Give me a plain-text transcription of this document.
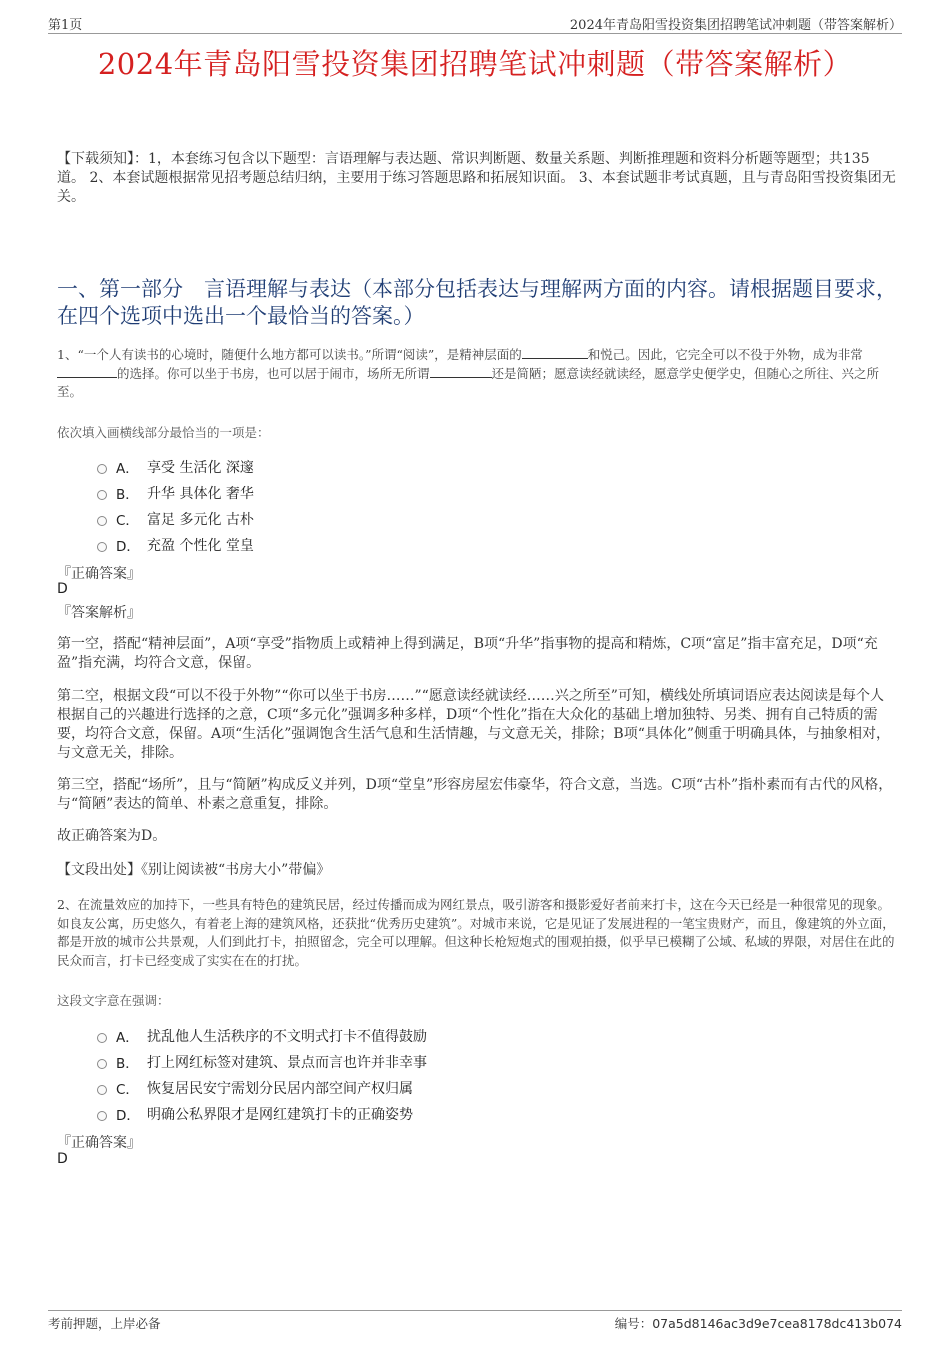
第1页	2024年青岛阳雪投资集团招聘笔试冲刺题（带答案解析）
2024年青岛阳雪投资集团招聘笔试冲刺题（带答案解析）
【下载须知】：1，本套练习包含以下题型：言语理解与表达题、常识判断题、数量关系题、判断推理题和资料分析题等题型；共135道。 2、本套试题根据常见招考题总结归纳，主要用于练习答题思路和拓展知识面。 3、本套试题非考试真题，且与青岛阳雪投资集团无关。
一、第一部分　言语理解与表达（本部分包括表达与理解两方面的内容。请根据题目要求，在四个选项中选出一个最恰当的答案。）
1、“一个人有读书的心境时，随便什么地方都可以读书。”所谓“阅读”，是精神层面的	和悦己。因此，它完全可以不役于外物，成为非常的选择。你可以坐于书房，也可以居于闹市，场所无所谓	还是简陋；愿意读经就读经，愿意学史便学史，但随心之所往、兴之所至。
依次填入画横线部分最恰当的一项是：
A． 享受 生活化 深邃
B． 升华 具体化 奢华
C． 富足 多元化 古朴
D． 充盈 个性化 堂皇
『正确答案』
D
『答案解析』
第一空，搭配“精神层面”，A项“享受”指物质上或精神上得到满足，B项“升华”指事物的提高和精炼，C项“富足”指丰富充足，D项“充盈”指充满，均符合文意，保留。
第二空，根据文段“可以不役于外物”“你可以坐于书房……”“愿意读经就读经……兴之所至”可知，横线处所填词语应表达阅读是每个人根据自己的兴趣进行选择的之意，C项“多元化”强调多种多样，D项“个性化”指在大众化的基础上增加独特、另类、拥有自己特质的需要，均符合文意，保留。A项“生活化”强调饱含生活气息和生活情趣，与文意无关，排除；B项“具体化”侧重于明确具体，与抽象相对，与文意无关，排除。
第三空，搭配“场所”，且与“简陋”构成反义并列，D项“堂皇”形容房屋宏伟豪华，符合文意，当选。C项“古朴”指朴素而有古代的风格，与“简陋”表达的简单、朴素之意重复，排除。
故正确答案为D。
【文段出处】《别让阅读被“书房大小”带偏》
2、在流量效应的加持下，一些具有特色的建筑民居，经过传播而成为网红景点，吸引游客和摄影爱好者前来打卡，这在今天已经是一种很常见的现象。如良友公寓，历史悠久，有着老上海的建筑风格，还获批“优秀历史建筑”。对城市来说，它是见证了发展进程的一笔宝贵财产，而且，像建筑的外立面，都是开放的城市公共景观，人们到此打卡，拍照留念，完全可以理解。但这种长枪短炮式的围观拍摄，似乎早已模糊了公域、私域的界限，对居住在此的民众而言，打卡已经变成了实实在在的打扰。
这段文字意在强调：
A． 扰乱他人生活秩序的不文明式打卡不值得鼓励
B． 打上网红标签对建筑、景点而言也许并非幸事
C． 恢复居民安宁需划分民居内部空间产权归属
D． 明确公私界限才是网红建筑打卡的正确姿势
『正确答案』
D
考前押题，上岸必备	编号：07a5d8146ac3d9e7cea8178dc413b074
